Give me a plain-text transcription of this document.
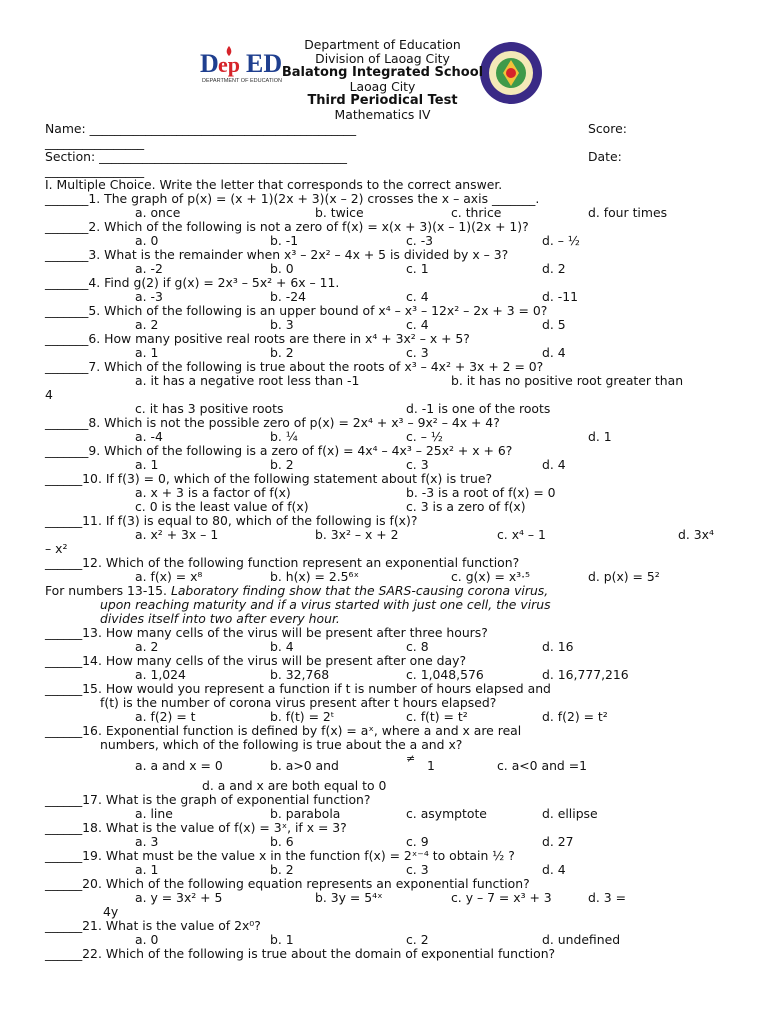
D ep ED
DEPARTMENT OF EDUCATION
Department of Education
Division of Laoag City
Balatong Integrated School
Laoag City
Third Periodical Test
Mathematics IV
Name: ___________________________________________	Score:
________________
Section: ________________________________________	Date:
________________
I. Multiple Choice. Write the letter that corresponds to the correct answer.
_______1. The graph of p(x) = (x + 1)(2x + 3)(x – 2) crosses the x – axis _______.
a. once	b. twice	c. thrice	d. four times
_______2. Which of the following is not a zero of f(x) = x(x + 3)(x – 1)(2x + 1)?
a. 0	b. -1	c. -3	d. – ½
_______3. What is the remainder when x³ – 2x² – 4x + 5 is divided by x – 3?
a. -2	b. 0	c. 1	d. 2
_______4. Find g(2) if g(x) = 2x³ – 5x² + 6x – 11.
a. -3	b. -24	c. 4	d. -11
_______5. Which of the following is an upper bound of x⁴ – x³ – 12x² – 2x + 3 = 0?
a. 2	b. 3	c. 4	d. 5
_______6. How many positive real roots are there in x⁴ + 3x² – x + 5?
a. 1	b. 2	c. 3	d. 4
_______7. Which of the following is true about the roots of x³ – 4x² + 3x + 2 = 0?
a. it has a negative root less than -1	b. it has no positive root greater than
4
c. it has 3 positive roots	d. -1 is one of the roots
_______8. Which is not the possible zero of p(x) = 2x⁴ + x³ – 9x² – 4x + 4?
a. -4	b. ¼	c. – ½	d. 1
_______9. Which of the following is a zero of f(x) = 4x⁴ – 4x³ – 25x² + x + 6?
a. 1	b. 2	c. 3	d. 4
______10. If f(3) = 0, which of the following statement about f(x) is true?
a. x + 3 is a factor of f(x)	b. -3 is a root of f(x) = 0
c. 0 is the least value of f(x)	c. 3 is a zero of f(x)
______11. If f(3) is equal to 80, which of the following is f(x)?
a. x² + 3x – 1	b. 3x² – x + 2	c. x⁴ – 1	d. 3x⁴
– x²
______12. Which of the following function represent an exponential function?
a. f(x) = x⁸	b. h(x) = 2.5⁶ˣ	c. g(x) = x³·⁵	d. p(x) = 5²
For numbers 13-15. Laboratory finding show that the SARS-causing corona virus,
upon reaching maturity and if a virus started with just one cell, the virus
divides itself into two after every hour.
______13. How many cells of the virus will be present after three hours?
a. 2	b. 4	c. 8	d. 16
______14. How many cells of the virus will be present after one day?
a. 1,024	b. 32,768	c. 1,048,576	d. 16,777,216
______15. How would you represent a function if t is number of hours elapsed and
f(t) is the number of corona virus present after t hours elapsed?
a. f(2) = t	b. f(t) = 2ᵗ	c. f(t) = t²	d. f(2) = t²
______16. Exponential function is defined by f(x) = aˣ, where a and x are real
numbers, which of the following is true about the a and x?
a. a and x = 0	b. a>0 and	≠ 1	c. a<0 and =1
d. a and x are both equal to 0
______17. What is the graph of exponential function?
a. line	b. parabola	c. asymptote	d. ellipse
______18. What is the value of f(x) = 3ˣ, if x = 3?
a. 3	b. 6	c. 9	d. 27
______19. What must be the value x in the function f(x) = 2ˣ⁻⁴ to obtain ½ ?
a. 1	b. 2	c. 3	d. 4
______20. Which of the following equation represents an exponential function?
a. y = 3x² + 5	b. 3y = 5⁴ˣ	c. y – 7 = x³ + 3	d. 3 =
4y
______21. What is the value of 2x⁰?
a. 0	b. 1	c. 2	d. undefined
______22. Which of the following is true about the domain of exponential function?
